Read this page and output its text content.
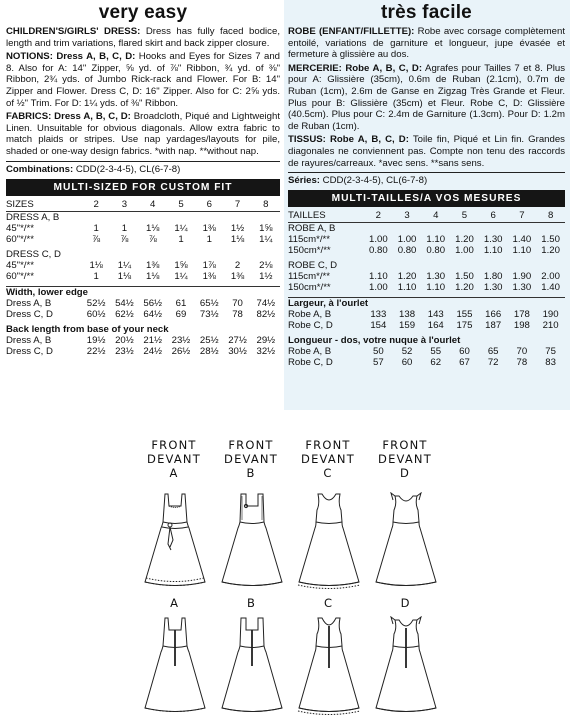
very easy

CHILDREN'S/GIRLS' DRESS: Dress has fully faced bodice, length and trim variations, flared skirt and back zipper closure.

NOTIONS: Dress A, B, C, D: Hooks and Eyes for Sizes 7 and 8. Also for A: 14" Zipper, ⅝ yd. of ⅞" Ribbon, ¾ yd. of ⅜" Ribbon, 2¾ yds. of Jumbo Rick-rack and Flower. For B: 14" Zipper and Flower. Dress C, D: 16" Zipper. Also for C: 2⅝ yds. of ½" Trim. For D: 1¼ yds. of ⅜" Ribbon.

FABRICS: Dress A, B, C, D: Broadcloth, Piqué and Lightweight Linen. Unsuitable for obvious diagonals. Allow extra fabric to match plaids or stripes. Use nap yardages/layouts for pile, shaded or one-way design fabrics. *with nap. **without nap.

Combinations: CDD(2-3-4-5), CL(6-7-8)
MULTI-SIZED FOR CUSTOM FIT
SIZES	2	3	4	5	6	7	8
DRESS A, B							
45"*/**	1	1	1⅛	1¼	1⅜	1½	1⅝
60"*/**	⅞	⅞	⅞	1	1	1⅛	1¼

DRESS C, D							
45"*/**	1⅛	1¼	1⅜	1⅝	1⅞	2	2⅛
60"*/**	1	1⅛	1⅛	1¼	1⅜	1⅜	1½

Width, lower edge							
Dress A, B	52½	54½	56½	61	65½	70	74½
Dress C, D	60½	62½	64½	69	73½	78	82½

Back length from base of your neck							
Dress A, B	19½	20½	21½	23½	25½	27½	29½
Dress C, D	22½	23½	24½	26½	28½	30½	32½
très facile

ROBE (ENFANT/FILLETTE): Robe avec corsage complètement entoilé, variations de garniture et longueur, jupe évasée et fermeture à glissière au dos.

MERCERIE: Robe A, B, C, D: Agrafes pour Tailles 7 et 8. Plus pour A: Glissière (35cm), 0.6m de Ruban (2.1cm), 0.7m de Ruban (1cm), 2.6m de Ganse en Zigzag Très Grande et Fleur. Plus pour B: Glissière (35cm) et Fleur. Robe C, D: Glissière (40.5cm). Plus pour C: 2.4m de Garniture (1.3cm). Pour D: 1.2m de Ruban (1cm).

TISSUS: Robe A, B, C, D: Toile fin, Piqué et Lin fin. Grandes diagonales ne conviennent pas. Compte non tenu des raccords de rayures/carreaux. *avec sens. **sans sens.

Séries: CDD(2-3-4-5), CL(6-7-8)
MULTI-TAILLES/A VOS MESURES
TAILLES	2	3	4	5	6	7	8
ROBE A, B							
115cm*/**	1.00	1.00	1.10	1.20	1.30	1.40	1.50
150cm*/**	0.80	0.80	0.80	1.00	1.10	1.10	1.20

ROBE C, D							
115cm*/**	1.10	1.20	1.30	1.50	1.80	1.90	2.00
150cm*/**	1.00	1.10	1.10	1.20	1.30	1.30	1.40

Largeur, à l'ourlet							
Robe A, B	133	138	143	155	166	178	190
Robe C, D	154	159	164	175	187	198	210

Longueur - dos, votre nuque à l'ourlet							
Robe A, B	50	52	55	60	65	70	75
Robe C, D	57	60	62	67	72	78	83
FRONT
DEVANT
A
FRONT
DEVANT
B
FRONT
DEVANT
C
FRONT
DEVANT
D
A	B	C	D
